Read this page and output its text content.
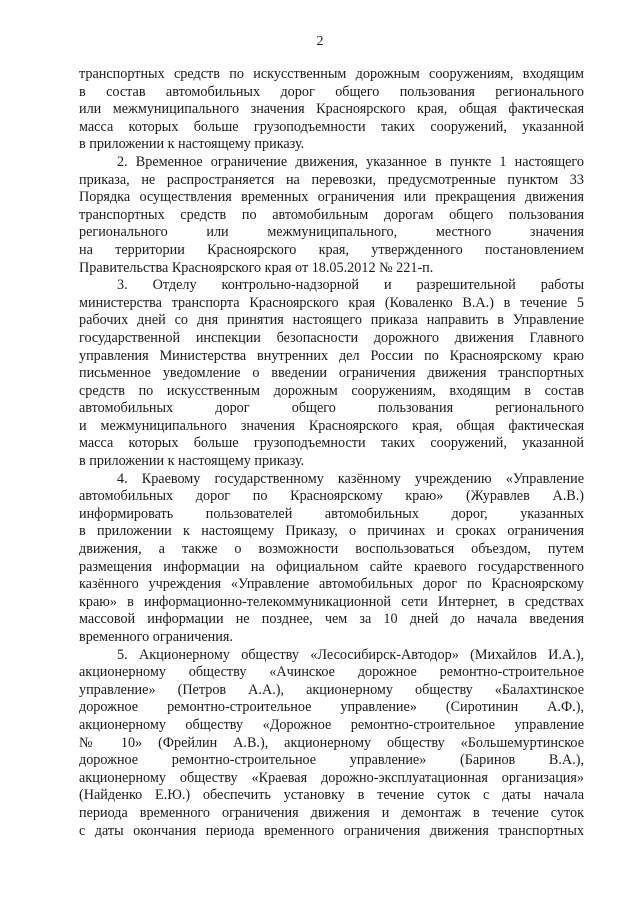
2
транспортных средств по искусственным дорожным сооружениям, входящим
в состав автомобильных дорог общего пользования регионального
или межмуниципального значения Красноярского края, общая фактическая
масса которых больше грузоподъемности таких сооружений, указанной
в приложении к настоящему приказу.
2. Временное ограничение движения, указанное в пункте 1 настоящего
приказа, не распространяется на перевозки, предусмотренные пунктом 33
Порядка осуществления временных ограничения или прекращения движения
транспортных средств по автомобильным дорогам общего пользования
регионального или межмуниципального, местного значения
на территории Красноярского края, утвержденного постановлением
Правительства Красноярского края от 18.05.2012 № 221-п.
3. Отделу контрольно-надзорной и разрешительной работы
министерства транспорта Красноярского края (Коваленко В.А.) в течение 5
рабочих дней со дня принятия настоящего приказа направить в Управление
государственной инспекции безопасности дорожного движения Главного
управления Министерства внутренних дел России по Красноярскому краю
письменное уведомление о введении ограничения движения транспортных
средств по искусственным дорожным сооружениям, входящим в состав
автомобильных дорог общего пользования регионального
и межмуниципального значения Красноярского края, общая фактическая
масса которых больше грузоподъемности таких сооружений, указанной
в приложении к настоящему приказу.
4. Краевому государственному казённому учреждению «Управление
автомобильных дорог по Красноярскому краю» (Журавлев А.В.)
информировать пользователей автомобильных дорог, указанных
в приложении к настоящему Приказу, о причинах и сроках ограничения
движения, а также о возможности воспользоваться объездом, путем
размещения информации на официальном сайте краевого государственного
казённого учреждения «Управление автомобильных дорог по Красноярскому
краю» в информационно-телекоммуникационной сети Интернет, в средствах
массовой информации не позднее, чем за 10 дней до начала введения
временного ограничения.
5. Акционерному обществу «Лесосибирск-Автодор» (Михайлов И.А.),
акционерному обществу «Ачинское дорожное ремонтно-строительное
управление» (Петров А.А.), акционерному обществу «Балахтинское
дорожное ремонтно-строительное управление» (Сиротинин А.Ф.),
акционерному обществу «Дорожное ремонтно-строительное управление
№ 10» (Фрейлин А.В.), акционерному обществу «Большемуртинское
дорожное ремонтно-строительное управление» (Баринов В.А.),
акционерному обществу «Краевая дорожно-эксплуатационная организация»
(Найденко Е.Ю.) обеспечить установку в течение суток с даты начала
периода временного ограничения движения и демонтаж в течение суток
с даты окончания периода временного ограничения движения транспортных
